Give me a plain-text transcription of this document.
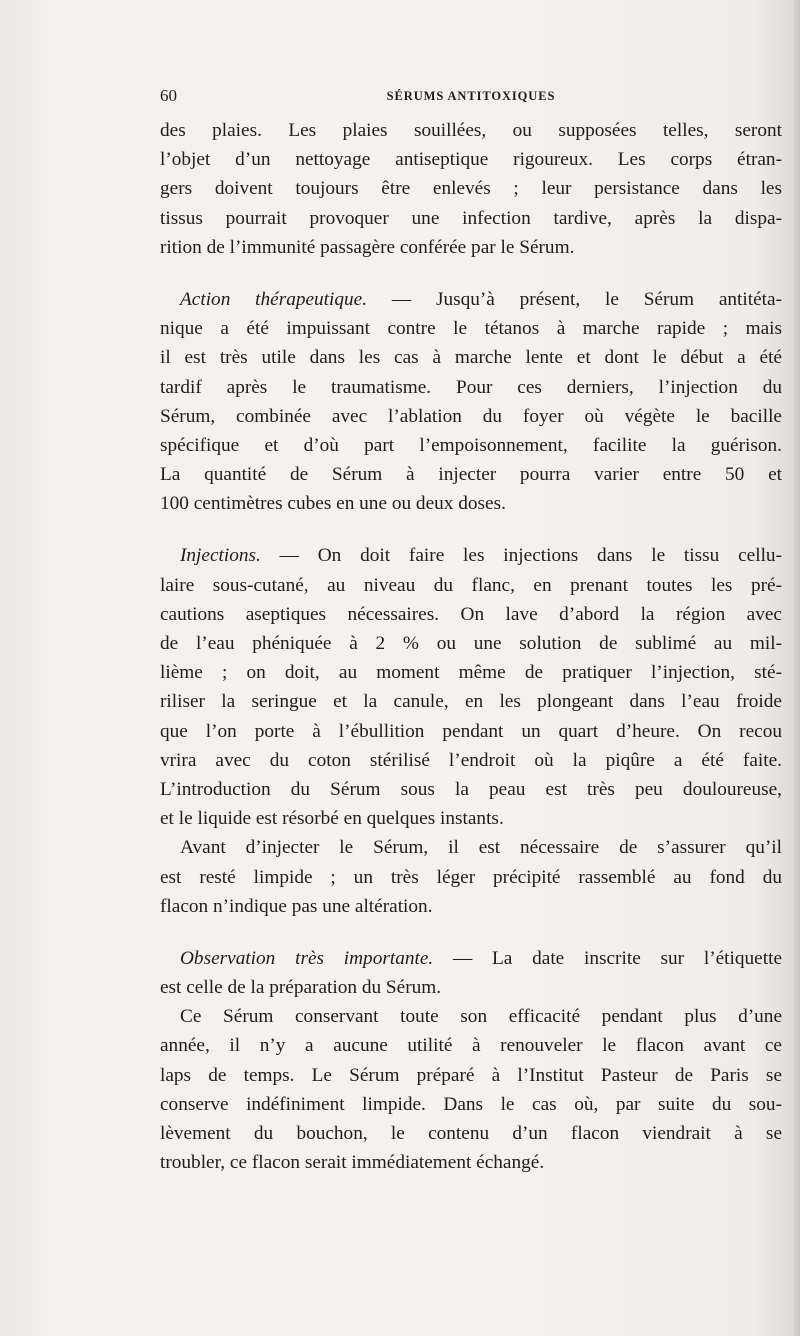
60	SÉRUMS ANTITOXIQUES
des plaies. Les plaies souillées, ou supposées telles, seront
l’objet d’un nettoyage antiseptique rigoureux. Les corps étran-
gers doivent toujours être enlevés ; leur persistance dans les
tissus pourrait provoquer une infection tardive, après la dispa-
rition de l’immunité passagère conférée par le Sérum.
Action thérapeutique. — Jusqu’à présent, le Sérum antitéta-
nique a été impuissant contre le tétanos à marche rapide ; mais
il est très utile dans les cas à marche lente et dont le début a été
tardif après le traumatisme. Pour ces derniers, l’injection du
Sérum, combinée avec l’ablation du foyer où végète le bacille
spécifique et d’où part l’empoisonnement, facilite la guérison.
La quantité de Sérum à injecter pourra varier entre 50 et
100 centimètres cubes en une ou deux doses.
Injections. — On doit faire les injections dans le tissu cellu-
laire sous-cutané, au niveau du flanc, en prenant toutes les pré-
cautions aseptiques nécessaires. On lave d’abord la région avec
de l’eau phéniquée à 2 % ou une solution de sublimé au mil-
lième ; on doit, au moment même de pratiquer l’injection, sté-
riliser la seringue et la canule, en les plongeant dans l’eau froide
que l’on porte à l’ébullition pendant un quart d’heure. On recou
vrira avec du coton stérilisé l’endroit où la piqûre a été faite.
L’introduction du Sérum sous la peau est très peu douloureuse,
et le liquide est résorbé en quelques instants.
Avant d’injecter le Sérum, il est nécessaire de s’assurer qu’il
est resté limpide ; un très léger précipité rassemblé au fond du
flacon n’indique pas une altération.
Observation très importante. — La date inscrite sur l’étiquette
est celle de la préparation du Sérum.
Ce Sérum conservant toute son efficacité pendant plus d’une
année, il n’y a aucune utilité à renouveler le flacon avant ce
laps de temps. Le Sérum préparé à l’Institut Pasteur de Paris se
conserve indéfiniment limpide. Dans le cas où, par suite du sou-
lèvement du bouchon, le contenu d’un flacon viendrait à se
troubler, ce flacon serait immédiatement échangé.
